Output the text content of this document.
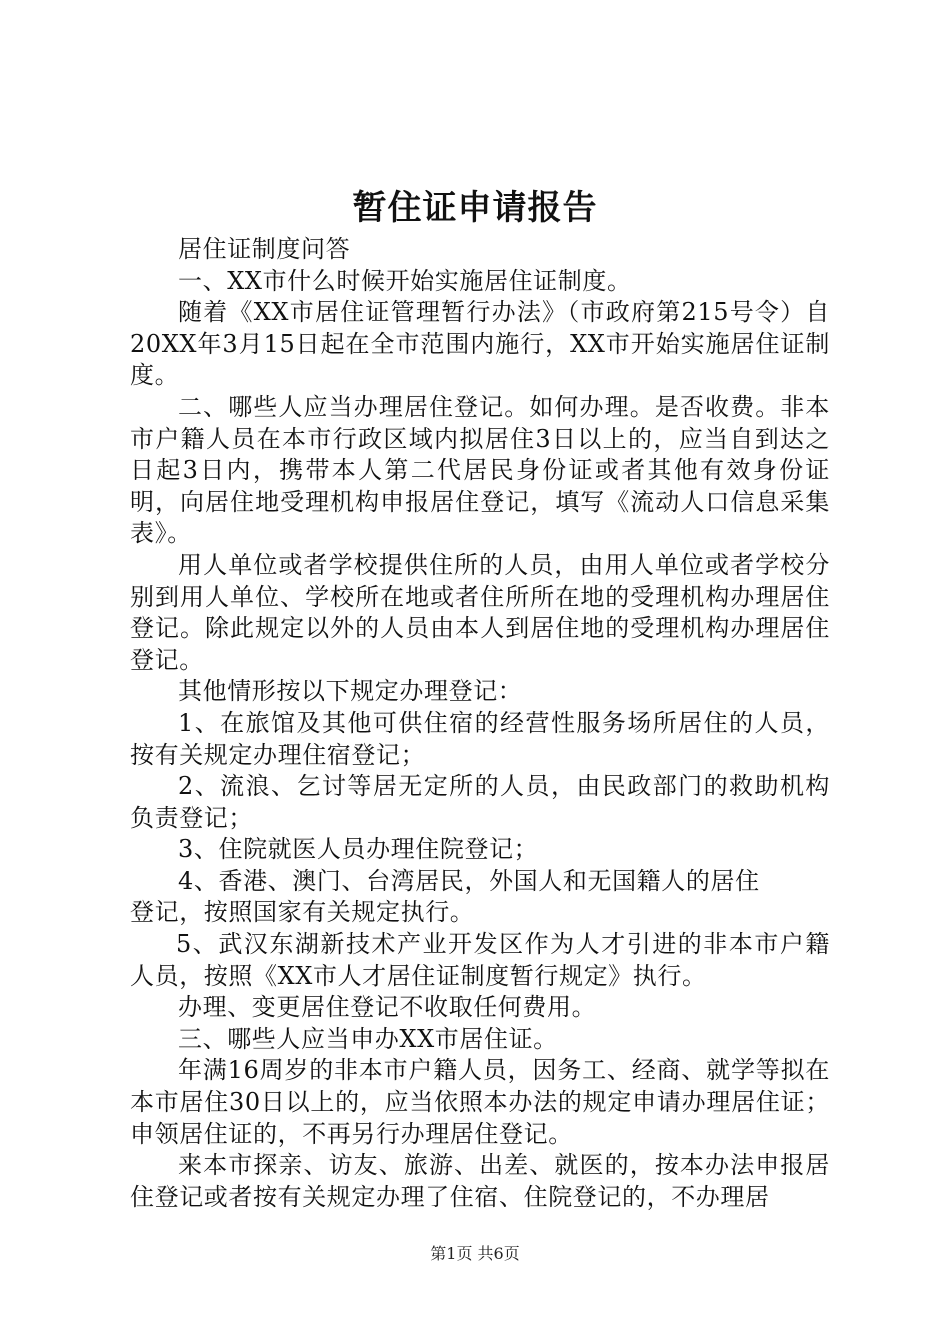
暂住证申请报告

居住证制度问答

一、XX市什么时候开始实施居住证制度。

随着《XX市居住证管理暂行办法》（市政府第215号令）自20XX年3月15日起在全市范围内施行，XX市开始实施居住证制度。

二、哪些人应当办理居住登记。如何办理。是否收费。非本市户籍人员在本市行政区域内拟居住3日以上的，应当自到达之日起3日内，携带本人第二代居民身份证或者其他有效身份证明，向居住地受理机构申报居住登记，填写《流动人口信息采集表》。

用人单位或者学校提供住所的人员，由用人单位或者学校分别到用人单位、学校所在地或者住所所在地的受理机构办理居住登记。除此规定以外的人员由本人到居住地的受理机构办理居住登记。

其他情形按以下规定办理登记：

1、在旅馆及其他可供住宿的经营性服务场所居住的人员，按有关规定办理住宿登记；

2、流浪、乞讨等居无定所的人员，由民政部门的救助机构负责登记；

3、住院就医人员办理住院登记；

4、香港、澳门、台湾居民，外国人和无国籍人的居住

登记，按照国家有关规定执行。

5、武汉东湖新技术产业开发区作为人才引进的非本市户籍人员，按照《XX市人才居住证制度暂行规定》执行。

办理、变更居住登记不收取任何费用。

三、哪些人应当申办XX市居住证。

年满16周岁的非本市户籍人员，因务工、经商、就学等拟在本市居住30日以上的，应当依照本办法的规定申请办理居住证；申领居住证的，不再另行办理居住登记。

来本市探亲、访友、旅游、出差、就医的，按本办法申报居住登记或者按有关规定办理了住宿、住院登记的，不办理居

第1页 共6页
